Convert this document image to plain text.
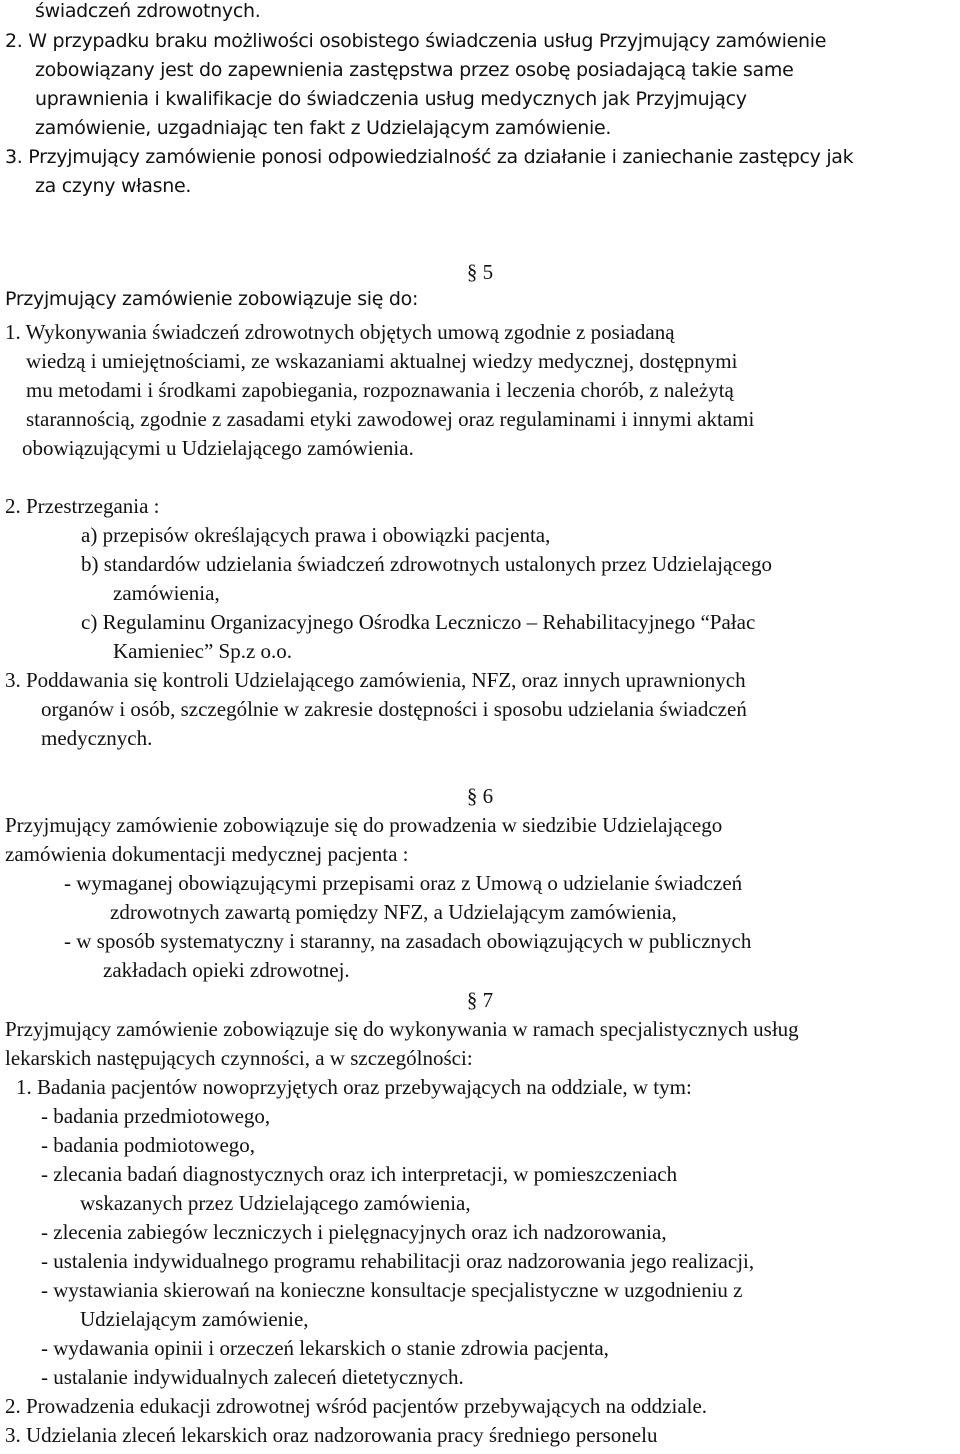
świadczeń zdrowotnych.
2. W przypadku braku możliwości osobistego świadczenia usług Przyjmujący zamówienie
zobowiązany jest do zapewnienia zastępstwa przez osobę posiadającą takie same
uprawnienia i kwalifikacje do świadczenia usług medycznych jak Przyjmujący
zamówienie, uzgadniając ten fakt z Udzielającym zamówienie.
3. Przyjmujący zamówienie ponosi odpowiedzialność za działanie i zaniechanie zastępcy jak
za czyny własne.
§ 5
Przyjmujący zamówienie zobowiązuje się do:
1. Wykonywania świadczeń zdrowotnych objętych umową zgodnie z posiadaną
wiedzą i umiejętnościami, ze wskazaniami aktualnej wiedzy medycznej, dostępnymi
mu metodami i środkami zapobiegania, rozpoznawania i leczenia chorób, z należytą
starannością, zgodnie z zasadami etyki zawodowej oraz regulaminami i innymi aktami
obowiązującymi u Udzielającego zamówienia.
2. Przestrzegania :
a) przepisów określających prawa i obowiązki pacjenta,
b) standardów udzielania świadczeń zdrowotnych ustalonych przez Udzielającego
zamówienia,
c) Regulaminu Organizacyjnego Ośrodka Leczniczo – Rehabilitacyjnego “Pałac
Kamieniec” Sp.z o.o.
3. Poddawania się kontroli Udzielającego zamówienia, NFZ, oraz innych uprawnionych
organów i osób, szczególnie w zakresie dostępności i sposobu udzielania świadczeń
medycznych.
§ 6
Przyjmujący zamówienie zobowiązuje się do prowadzenia w siedzibie Udzielającego
zamówienia dokumentacji medycznej pacjenta :
- wymaganej obowiązującymi przepisami oraz z Umową o udzielanie świadczeń
zdrowotnych zawartą pomiędzy NFZ, a Udzielającym zamówienia,
- w sposób systematyczny i staranny, na zasadach obowiązujących w publicznych
zakładach opieki zdrowotnej.
§ 7
Przyjmujący zamówienie zobowiązuje się do wykonywania w ramach specjalistycznych usług
lekarskich następujących czynności, a w szczególności:
1. Badania pacjentów nowoprzyjętych oraz przebywających na oddziale, w tym:
- badania przedmiotowego,
- badania podmiotowego,
- zlecania badań diagnostycznych oraz ich interpretacji, w pomieszczeniach
wskazanych przez Udzielającego zamówienia,
- zlecenia zabiegów leczniczych i pielęgnacyjnych oraz ich nadzorowania,
- ustalenia indywidualnego programu rehabilitacji oraz nadzorowania jego realizacji,
- wystawiania skierowań na konieczne konsultacje specjalistyczne w uzgodnieniu z
Udzielającym zamówienie,
- wydawania opinii i orzeczeń lekarskich o stanie zdrowia pacjenta,
- ustalanie indywidualnych zaleceń dietetycznych.
2. Prowadzenia edukacji zdrowotnej wśród pacjentów przebywających na oddziale.
3. Udzielania zleceń lekarskich oraz nadzorowania pracy średniego personelu
